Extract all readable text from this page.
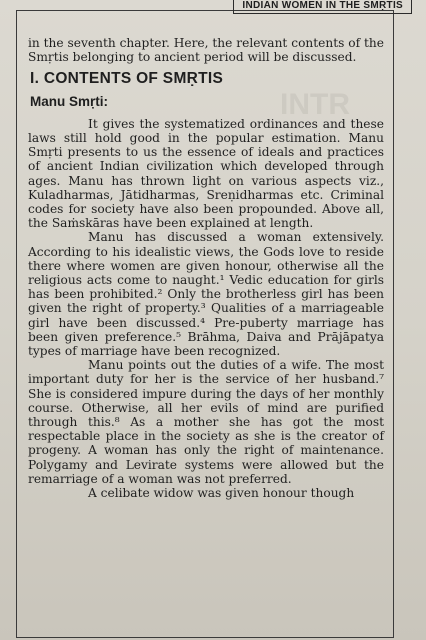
INDIAN WOMEN IN THE SMṚTIS
INTR

in the seventh chapter. Here, the relevant contents of the Smṛtis belonging to ancient period will be discussed.

I. CONTENTS OF SMṚTIS
Manu Smṛti:

It gives the systematized ordinances and these laws still hold good in the popular estimation. Manu Smṛti presents to us the essence of ideals and practices of ancient Indian civilization which developed through ages. Manu has thrown light on various aspects viz., Kuladharmas, Jātidharmas, Sreṇidharmas etc. Criminal codes for society have also been propounded. Above all, the Saṁskāras have been explained at length.

Manu has discussed a woman extensively. According to his idealistic views, the Gods love to reside there where women are given honour, otherwise all the religious acts come to naught.¹ Vedic education for girls has been prohibited.² Only the brotherless girl has been given the right of property.³ Qualities of a marriageable girl have been discussed.⁴ Pre-puberty marriage has been given preference.⁵ Brāhma, Daiva and Prājāpatya types of marriage have been recognized.

Manu points out the duties of a wife. The most important duty for her is the service of her husband.⁷ She is considered impure during the days of her monthly course. Otherwise, all her evils of mind are purified through this.⁸ As a mother she has got the most respectable place in the society as she is the creator of progeny. A woman has only the right of maintenance. Polygamy and Levirate systems were allowed but the remarriage of a woman was not preferred.

A celibate widow was given honour though
